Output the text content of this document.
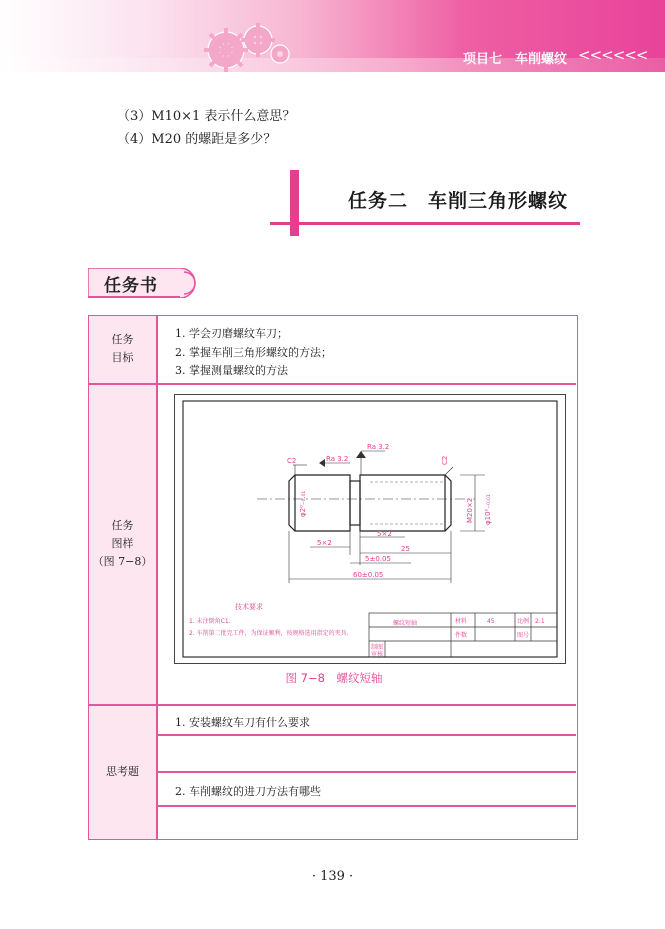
项目七　车削螺纹 <<<<<<
（3）M10×1 表示什么意思？
（4）M20 的螺距是多少？
任务二　车削三角形螺纹
任务书
任务
目标
1. 学会刃磨螺纹车刀；
2. 掌握车削三角形螺纹的方法；
3. 掌握测量螺纹的方法
任务
图样
（图 7−8）
Ra 3.2
Ra 3.2
C2	C2
φ2⁰₋₀.₀₁	M20×2 φ10⁰₋₀.₀₁
5×2
5×2
25
5±0.05
60±0.05
技术要求
1. 未注倒角C1.
2. 车削第二批完工件，为保证顺利，按规格选用指定的夹具.
螺纹短轴	材料	45	比例 2:1
件数	图号
制图
审核
图 7−8　螺纹短轴
思考题
1. 安装螺纹车刀有什么要求
2. 车削螺纹的进刀方法有哪些
· 139 ·
